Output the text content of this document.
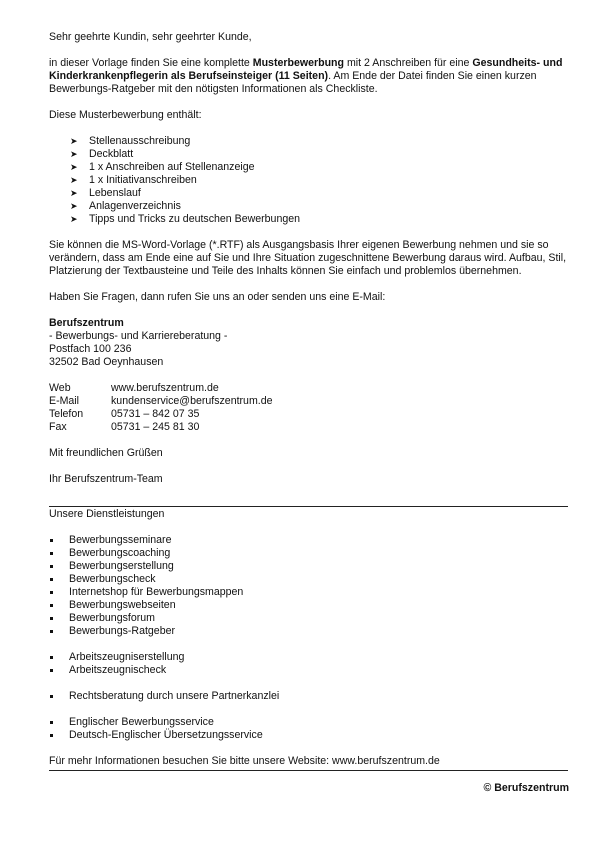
Sehr geehrte Kundin, sehr geehrter Kunde,

in dieser Vorlage finden Sie eine komplette Musterbewerbung mit 2 Anschreiben für eine Gesundheits- und Kinderkrankenpflegerin als Berufseinsteiger (11 Seiten). Am Ende der Datei finden Sie einen kurzen Bewerbungs-Ratgeber mit den nötigsten Informationen als Checkliste.

Diese Musterbewerbung enthält:

➤ Stellenausschreibung
➤ Deckblatt
➤ 1 x Anschreiben auf Stellenanzeige
➤ 1 x Initiativanschreiben
➤ Lebenslauf
➤ Anlagenverzeichnis
➤ Tipps und Tricks zu deutschen Bewerbungen

Sie können die MS-Word-Vorlage (*.RTF) als Ausgangsbasis Ihrer eigenen Bewerbung nehmen und sie so verändern, dass am Ende eine auf Sie und Ihre Situation zugeschnittene Bewerbung daraus wird. Aufbau, Stil, Platzierung der Textbausteine und Teile des Inhalts können Sie einfach und problemlos übernehmen.

Haben Sie Fragen, dann rufen Sie uns an oder senden uns eine E-Mail:

Berufszentrum

- Bewerbungs- und Karriereberatung -

Postfach 100 236

32502 Bad Oeynhausen

Web	www.berufszentrum.de
E-Mail	kundenservice@berufszentrum.de
Telefon	05731 – 842 07 35
Fax	05731 – 245 81 30

Mit freundlichen Grüßen

Ihr Berufszentrum-Team

Unsere Dienstleistungen

Bewerbungsseminare
Bewerbungscoaching
Bewerbungserstellung
Bewerbungscheck
Internetshop für Bewerbungsmappen
Bewerbungswebseiten
Bewerbungsforum
Bewerbungs-Ratgeber
Arbeitszeugniserstellung
Arbeitszeugnischeck
Rechtsberatung durch unsere Partnerkanzlei
Englischer Bewerbungsservice
Deutsch-Englischer Übersetzungsservice

Für mehr Informationen besuchen Sie bitte unsere Website: www.berufszentrum.de

© Berufszentrum
